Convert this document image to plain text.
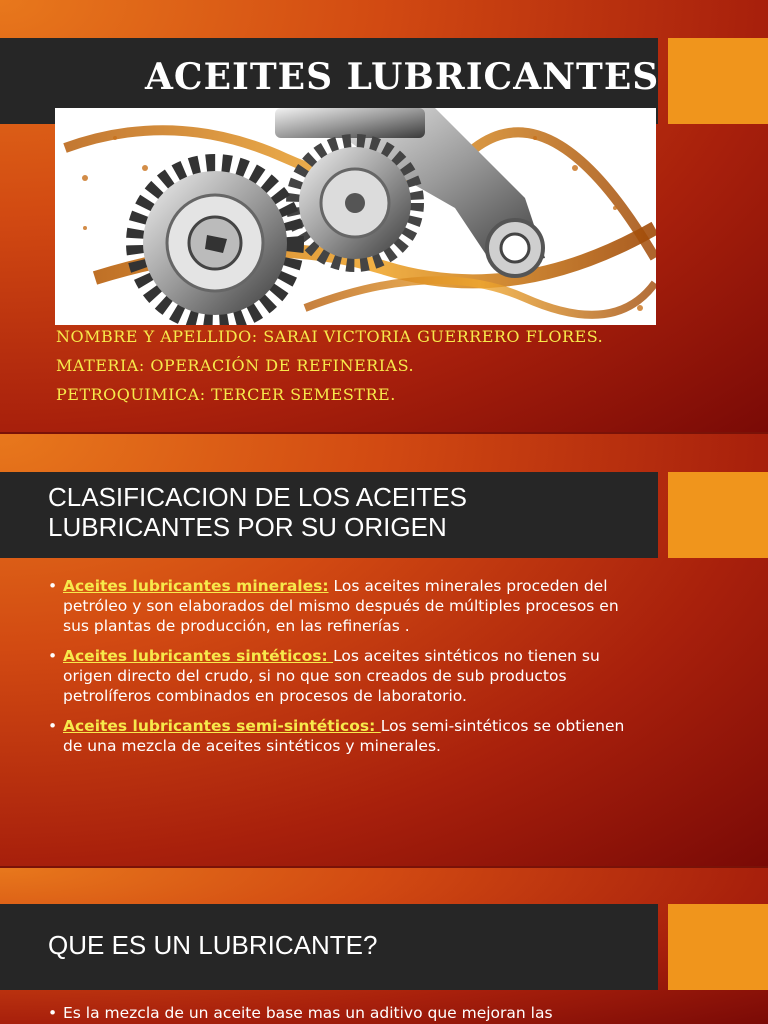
ACEITES LUBRICANTES
NOMBRE Y APELLIDO: SARAI VICTORIA GUERRERO FLORES.
MATERIA: OPERACIÓN DE REFINERIAS.
PETROQUIMICA: TERCER SEMESTRE.
CLASIFICACION DE LOS ACEITES LUBRICANTES POR SU ORIGEN
• Aceites lubricantes minerales: Los aceites minerales proceden del petróleo y son elaborados del mismo después de múltiples procesos en sus plantas de producción, en las refinerías .
• Aceites lubricantes sintéticos: Los aceites sintéticos no tienen su origen directo del crudo, si no que son creados de sub productos petrolíferos combinados en procesos de laboratorio.
• Aceites lubricantes semi-sintéticos: Los semi-sintéticos se obtienen de una mezcla de aceites sintéticos y minerales.
QUE ES UN LUBRICANTE?
• Es la mezcla de un aceite base mas un aditivo que mejoran las
